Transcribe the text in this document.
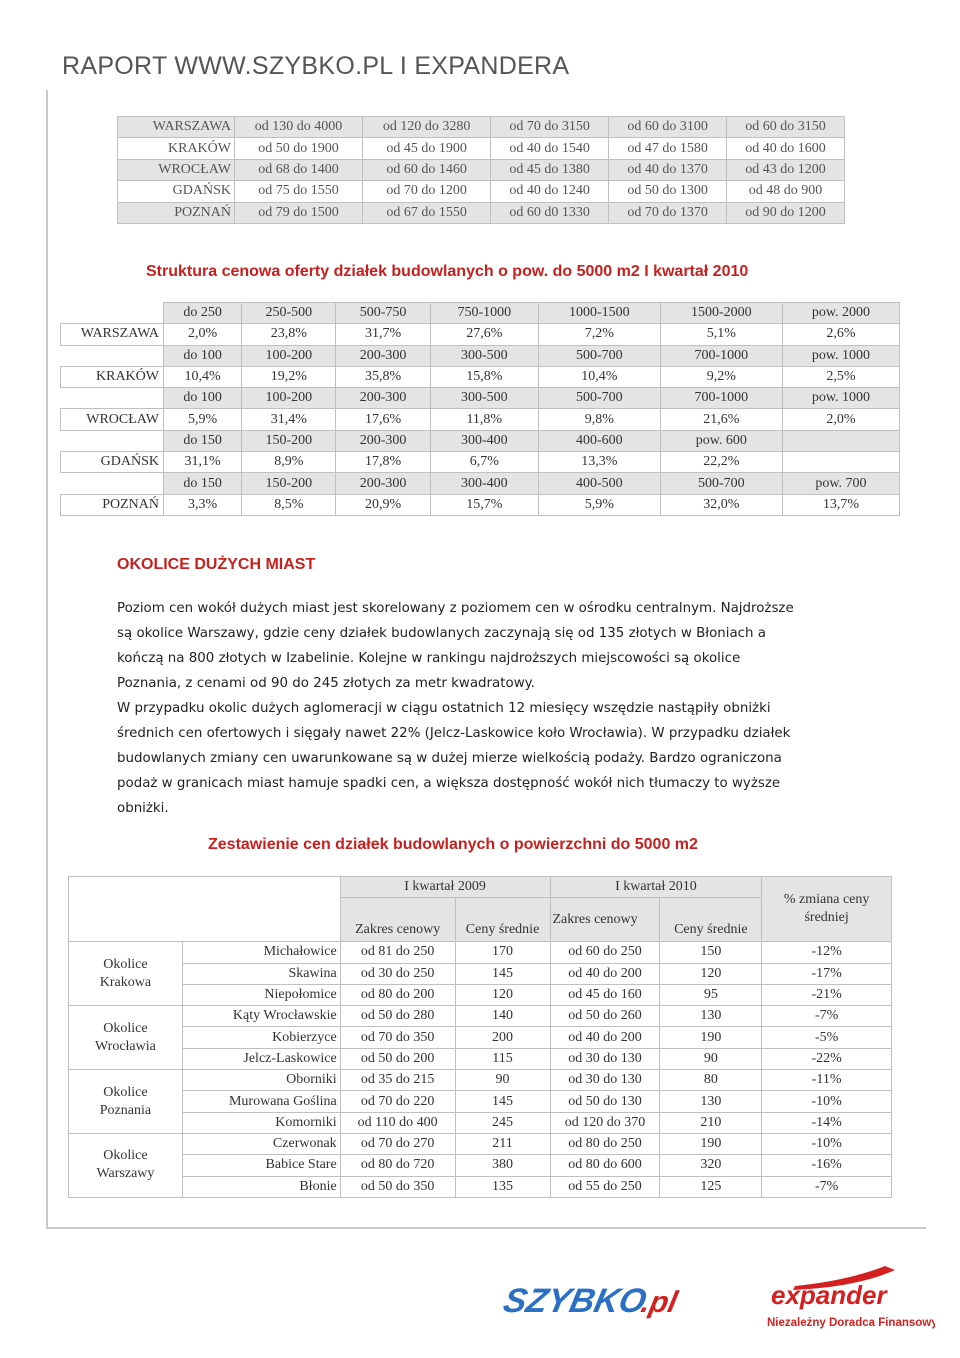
RAPORT WWW.SZYBKO.PL I EXPANDERA
WARSZAWA	od 130 do 4000	od 120 do 3280	od 70 do 3150	od 60 do 3100	od 60 do 3150
KRAKÓW	od 50 do 1900	od 45 do 1900	od 40 do 1540	od 47 do 1580	od 40 do 1600
WROCŁAW	od 68 do 1400	od 60 do 1460	od 45 do 1380	od 40 do 1370	od 43 do 1200
GDAŃSK	od 75 do 1550	od 70 do 1200	od 40 do 1240	od 50 do 1300	od 48 do 900
POZNAŃ	od 79 do 1500	od 67 do 1550	od 60 d0 1330	od 70 do 1370	od 90 do 1200
Struktura cenowa oferty działek budowlanych o pow. do 5000 m2 I kwartał 2010
	do 250	250-500	500-750	750-1000	1000-1500	1500-2000	pow. 2000
WARSZAWA	2,0%	23,8%	31,7%	27,6%	7,2%	5,1%	2,6%
	do 100	100-200	200-300	300-500	500-700	700-1000	pow. 1000
KRAKÓW	10,4%	19,2%	35,8%	15,8%	10,4%	9,2%	2,5%
	do 100	100-200	200-300	300-500	500-700	700-1000	pow. 1000
WROCŁAW	5,9%	31,4%	17,6%	11,8%	9,8%	21,6%	2,0%
	do 150	150-200	200-300	300-400	400-600	pow. 600	
GDAŃSK	31,1%	8,9%	17,8%	6,7%	13,3%	22,2%	
	do 150	150-200	200-300	300-400	400-500	500-700	pow. 700
POZNAŃ	3,3%	8,5%	20,9%	15,7%	5,9%	32,0%	13,7%
OKOLICE DUŻYCH MIAST

Poziom cen wokół dużych miast jest skorelowany z poziomem cen w ośrodku centralnym. Najdroższe

są okolice Warszawy, gdzie ceny działek budowlanych zaczynają się od 135 złotych w Błoniach a

kończą na 800 złotych w Izabelinie. Kolejne w rankingu najdroższych miejscowości są okolice

Poznania, z cenami od 90 do 245 złotych za metr kwadratowy.

W przypadku okolic dużych aglomeracji w ciągu ostatnich 12 miesięcy wszędzie nastąpiły obniżki

średnich cen ofertowych i sięgały nawet 22% (Jelcz-Laskowice koło Wrocławia). W przypadku działek

budowlanych zmiany cen uwarunkowane są w dużej mierze wielkością podaży. Bardzo ograniczona

podaż w granicach miast hamuje spadki cen, a większa dostępność wokół nich tłumaczy to wyższe

obniżki.

Zestawienie cen działek budowlanych o powierzchni do 5000 m2
		I kwartał 2009		I kwartał 2010		% zmiana ceny średniej
		Zakres cenowy	Ceny średnie	Zakres cenowy	Ceny średnie	
Okolice Krakowa	Michałowice	od 81 do 250	170	od 60 do 250	150	-12%
	Skawina	od 30 do 250	145	od 40 do 200	120	-17%
	Niepołomice	od 80 do 200	120	od 45 do 160	95	-21%
Okolice Wrocławia	Kąty Wrocławskie	od 50 do 280	140	od 50 do 260	130	-7%
	Kobierzyce	od 70 do 350	200	od 40 do 200	190	-5%
	Jelcz-Laskowice	od 50 do 200	115	od 30 do 130	90	-22%
Okolice Poznania	Oborniki	od 35 do 215	90	od 30 do 130	80	-11%
	Murowana Goślina	od 70 do 220	145	od 50 do 130	130	-10%
	Komorniki	od 110 do 400	245	od 120 do 370	210	-14%
Okolice Warszawy	Czerwonak	od 70 do 270	211	od 80 do 250	190	-10%
	Babice Stare	od 80 do 720	380	od 80 do 600	320	-16%
	Błonie	od 50 do 350	135	od 55 do 250	125	-7%
SZYBKO
.pl	expander
Niezależny Doradca Finansowy
